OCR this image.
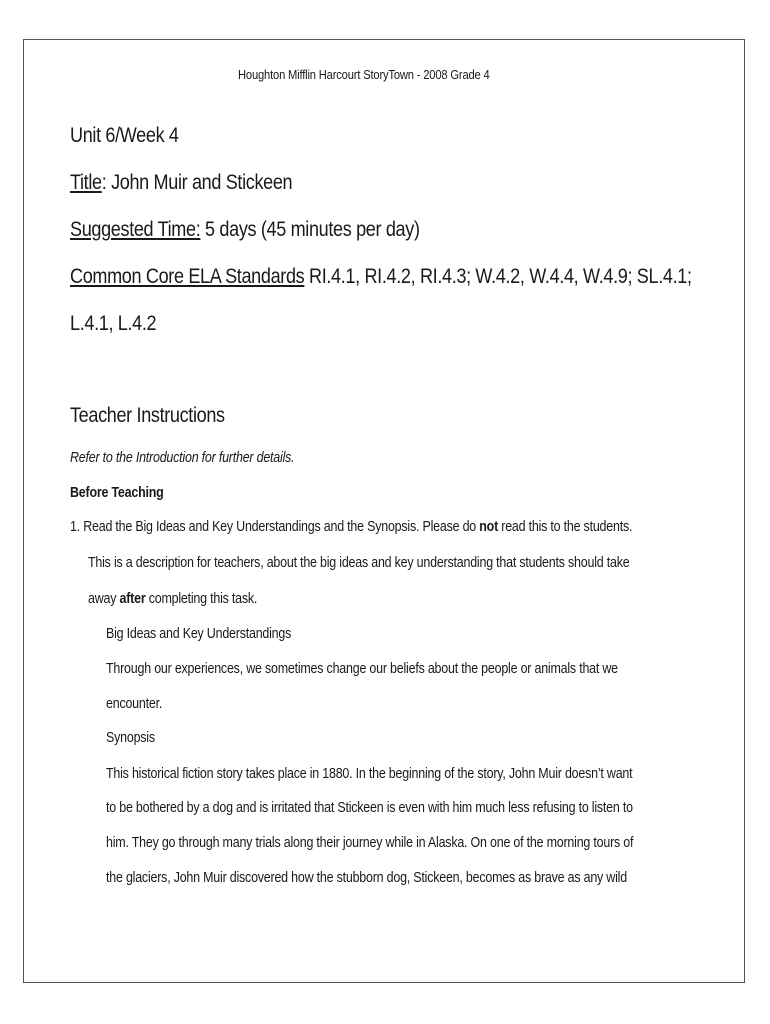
Houghton Mifflin Harcourt StoryTown - 2008 Grade 4
Unit 6/Week 4
Title: John Muir and Stickeen
Suggested Time: 5 days (45 minutes per day)
Common Core ELA Standards RI.4.1, RI.4.2, RI.4.3; W.4.2, W.4.4, W.4.9; SL.4.1;
L.4.1, L.4.2
Teacher Instructions
Refer to the Introduction for further details.
Before Teaching
1. Read the Big Ideas and Key Understandings and the Synopsis. Please do not read this to the students.
This is a description for teachers, about the big ideas and key understanding that students should take
away after completing this task.
Big Ideas and Key Understandings
Through our experiences, we sometimes change our beliefs about the people or animals that we
encounter.
Synopsis
This historical fiction story takes place in 1880. In the beginning of the story, John Muir doesn’t want
to be bothered by a dog and is irritated that Stickeen is even with him much less refusing to listen to
him. They go through many trials along their journey while in Alaska. On one of the morning tours of
the glaciers, John Muir discovered how the stubborn dog, Stickeen, becomes as brave as any wild
